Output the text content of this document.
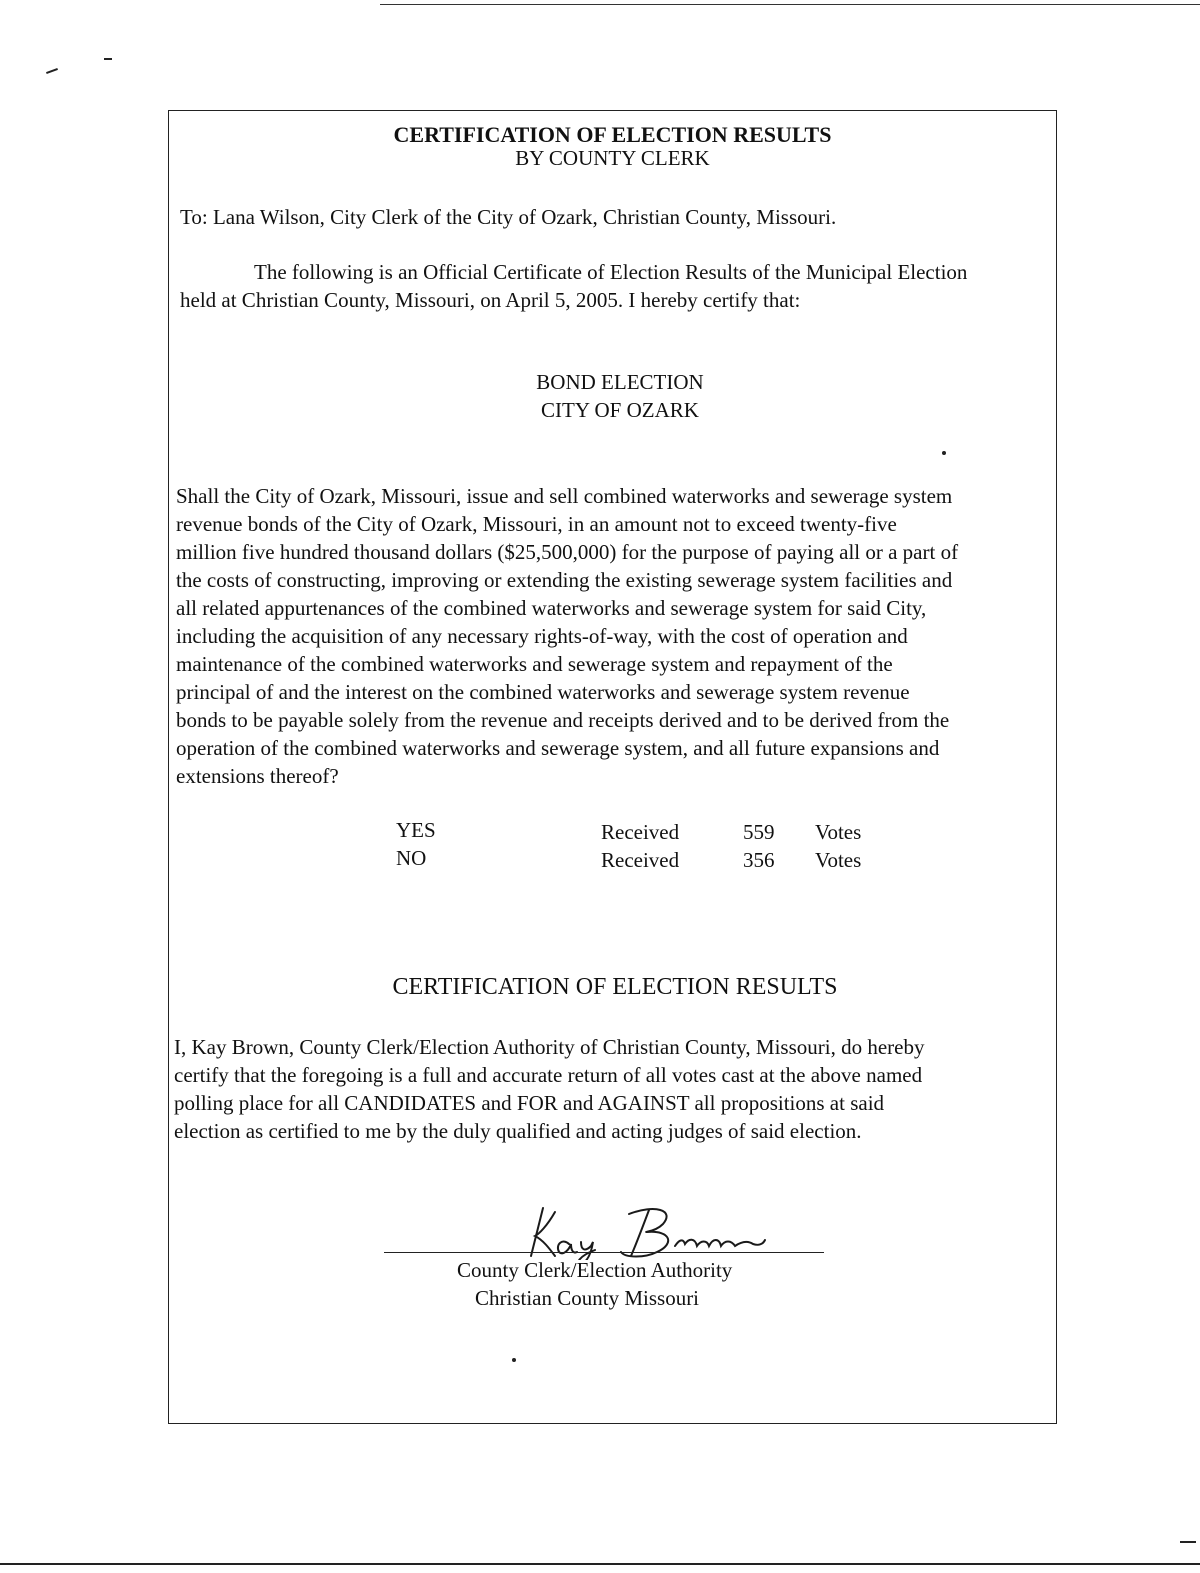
CERTIFICATION OF ELECTION RESULTS
BY COUNTY CLERK
To: Lana Wilson, City Clerk of the City of Ozark, Christian County, Missouri.
The following is an Official Certificate of Election Results of the Municipal Election
held at Christian County, Missouri, on April 5, 2005. I hereby certify that:
BOND ELECTION
CITY OF OZARK
Shall the City of Ozark, Missouri, issue and sell combined waterworks and sewerage system
revenue bonds of the City of Ozark, Missouri, in an amount not to exceed twenty-five
million five hundred thousand dollars ($25,500,000) for the purpose of paying all or a part of
the costs of constructing, improving or extending the existing sewerage system facilities and
all related appurtenances of the combined waterworks and sewerage system for said City,
including the acquisition of any necessary rights-of-way, with the cost of operation and
maintenance of the combined waterworks and sewerage system and repayment of the
principal of and the interest on the combined waterworks and sewerage system revenue
bonds to be payable solely from the revenue and receipts derived and to be derived from the
operation of the combined waterworks and sewerage system, and all future expansions and
extensions thereof?
YES	Received	559 Votes
NO	Received	356 Votes
CERTIFICATION OF ELECTION RESULTS
I, Kay Brown, County Clerk/Election Authority of Christian County, Missouri, do hereby
certify that the foregoing is a full and accurate return of all votes cast at the above named
polling place for all CANDIDATES and FOR and AGAINST all propositions at said
election as certified to me by the duly qualified and acting judges of said election.
County Clerk/Election Authority
Christian County Missouri
